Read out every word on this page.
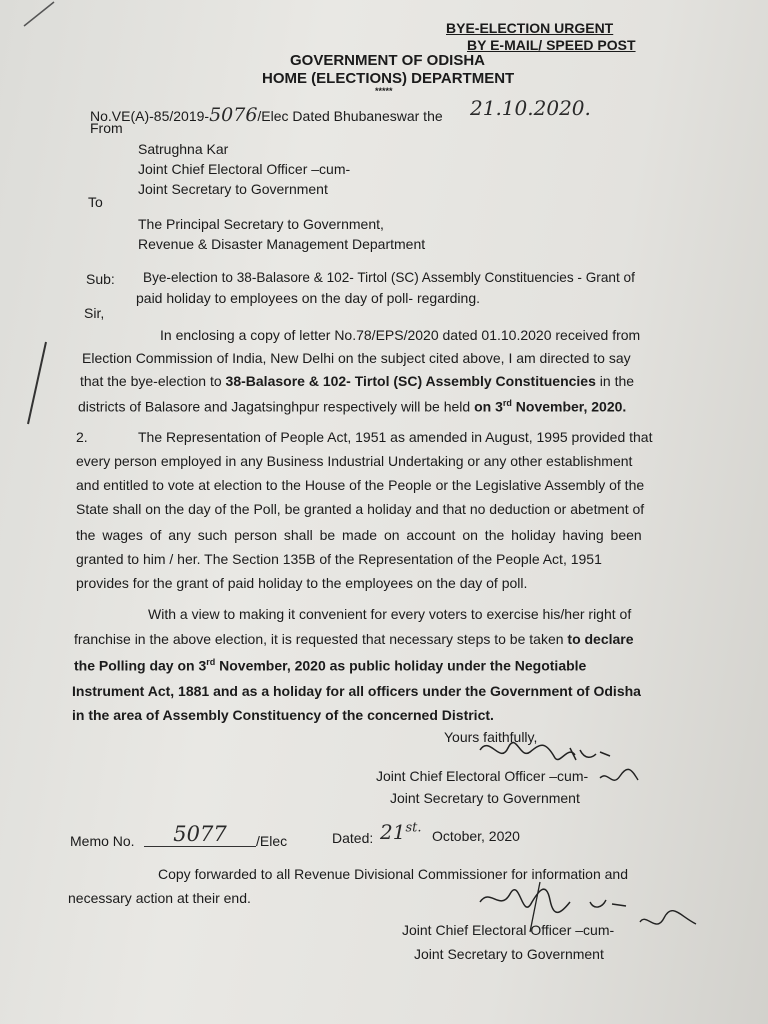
BYE-ELECTION URGENT
BY E-MAIL/ SPEED POST
GOVERNMENT OF ODISHA
HOME (ELECTIONS) DEPARTMENT
*****
No.VE(A)-85/2019-5076/Elec Dated Bhubaneswar the 21.10.2020.
From
Satrughna Kar
Joint Chief Electoral Officer –cum-
Joint Secretary to Government
To
The Principal Secretary to Government,
Revenue & Disaster Management Department
Sub: Bye-election to 38-Balasore & 102- Tirtol (SC) Assembly Constituencies - Grant of
paid holiday to employees on the day of poll- regarding.
Sir,
In enclosing a copy of letter No.78/EPS/2020 dated 01.10.2020 received from
Election Commission of India, New Delhi on the subject cited above, I am directed to say
that the bye-election to 38-Balasore & 102- Tirtol (SC) Assembly Constituencies in the
districts of Balasore and Jagatsinghpur respectively will be held on 3rd November, 2020.
2.	The Representation of People Act, 1951 as amended in August, 1995 provided that
every person employed in any Business Industrial Undertaking or any other establishment
and entitled to vote at election to the House of the People or the Legislative Assembly of the
State shall on the day of the Poll, be granted a holiday and that no deduction or abetment of
the wages of any such person shall be made on account on the holiday having been
granted to him / her. The Section 135B of the Representation of the People Act, 1951
provides for the grant of paid holiday to the employees on the day of poll.
With a view to making it convenient for every voters to exercise his/her right of
franchise in the above election, it is requested that necessary steps to be taken to declare
the Polling day on 3rd November, 2020 as public holiday under the Negotiable
Instrument Act, 1881 and as a holiday for all officers under the Government of Odisha
in the area of Assembly Constituency of the concerned District.
Yours faithfully,
Joint Chief Electoral Officer –cum-
Joint Secretary to Government
Memo No.	5077	/Elec	Dated: $21^{st.}$
October, 2020
Copy forwarded to all Revenue Divisional Commissioner for information and
necessary action at their end.
Joint Chief Electoral Officer –cum-
Joint Secretary to Government
